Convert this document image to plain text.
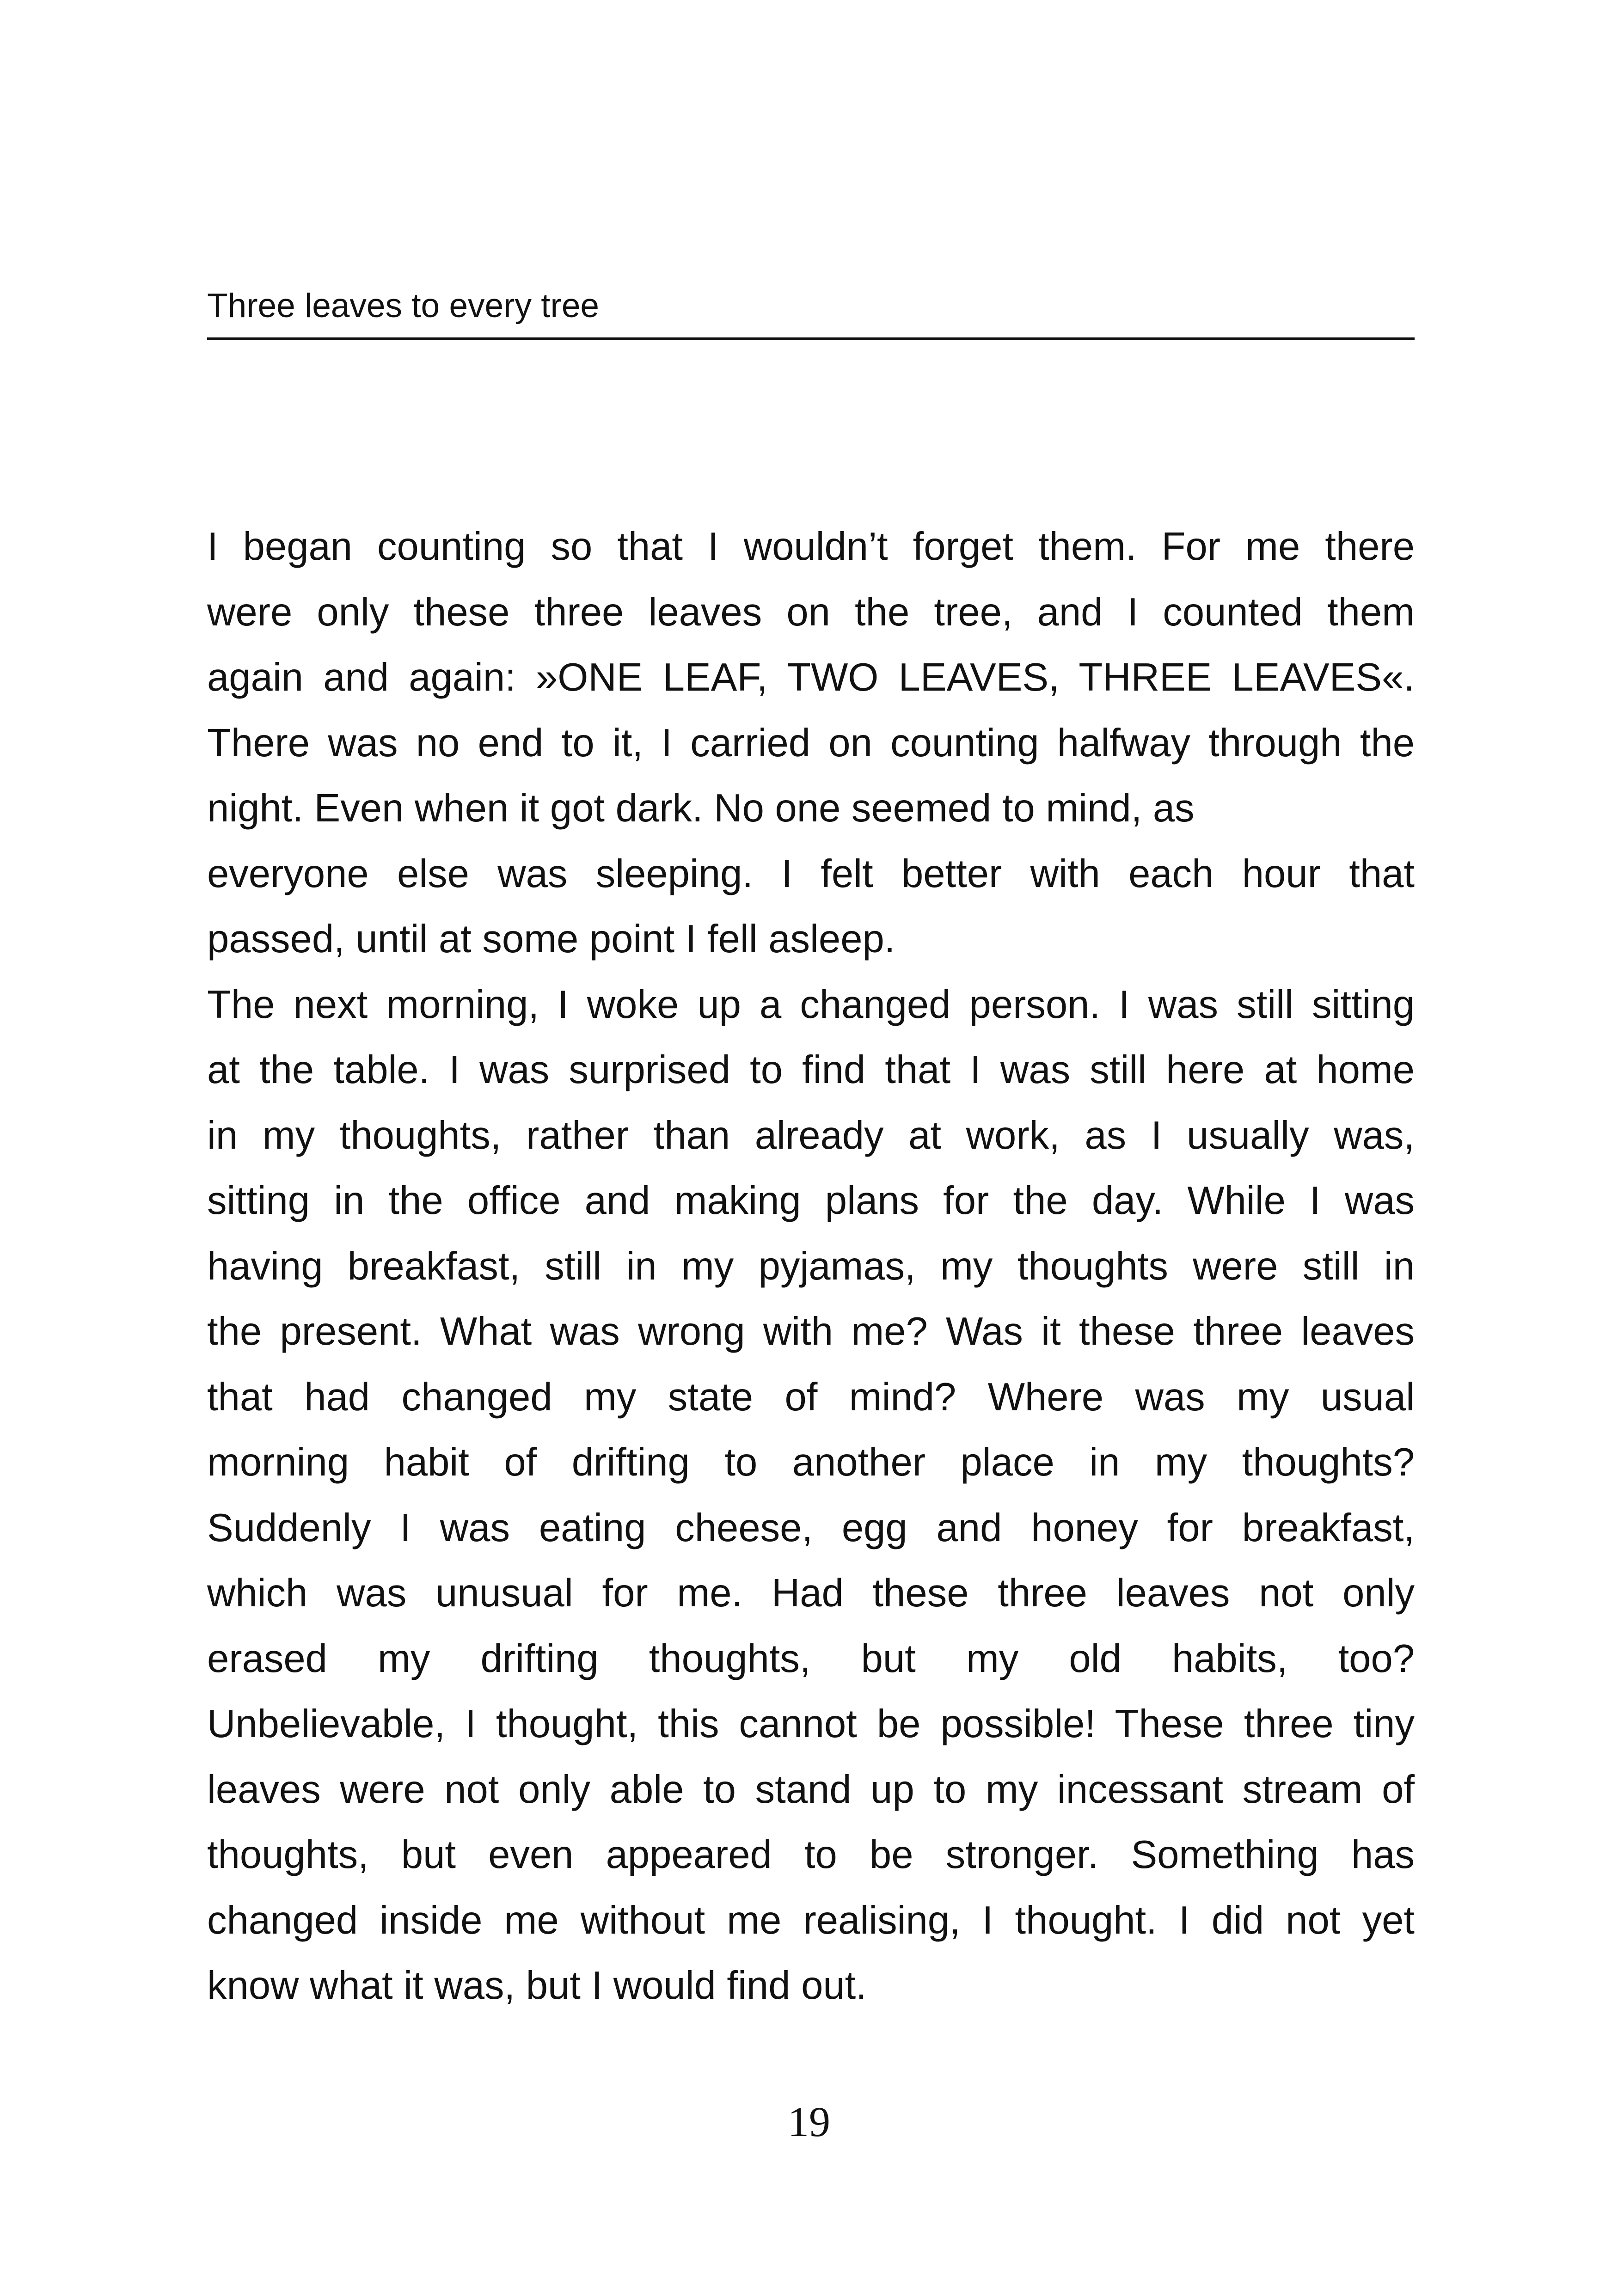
Three leaves to every tree
I began counting so that I wouldn’t forget them. For me there
were only these three leaves on the tree, and I counted them
again and again: »ONE LEAF, TWO LEAVES, THREE LEAVES«.
There was no end to it, I carried on counting halfway through the
night. Even when it got dark. No one seemed to mind, as
everyone else was sleeping. I felt better with each hour that
passed, until at some point I fell asleep.
The next morning, I woke up a changed person. I was still sitting
at the table. I was surprised to find that I was still here at home
in my thoughts, rather than already at work, as I usually was,
sitting in the office and making plans for the day. While I was
having breakfast, still in my pyjamas, my thoughts were still in
the present. What was wrong with me? Was it these three leaves
that had changed my state of mind? Where was my usual
morning habit of drifting to another place in my thoughts?
Suddenly I was eating cheese, egg and honey for breakfast,
which was unusual for me. Had these three leaves not only
erased my drifting thoughts, but my old habits, too?
Unbelievable, I thought, this cannot be possible! These three tiny
leaves were not only able to stand up to my incessant stream of
thoughts, but even appeared to be stronger. Something has
changed inside me without me realising, I thought. I did not yet
know what it was, but I would find out.
19
